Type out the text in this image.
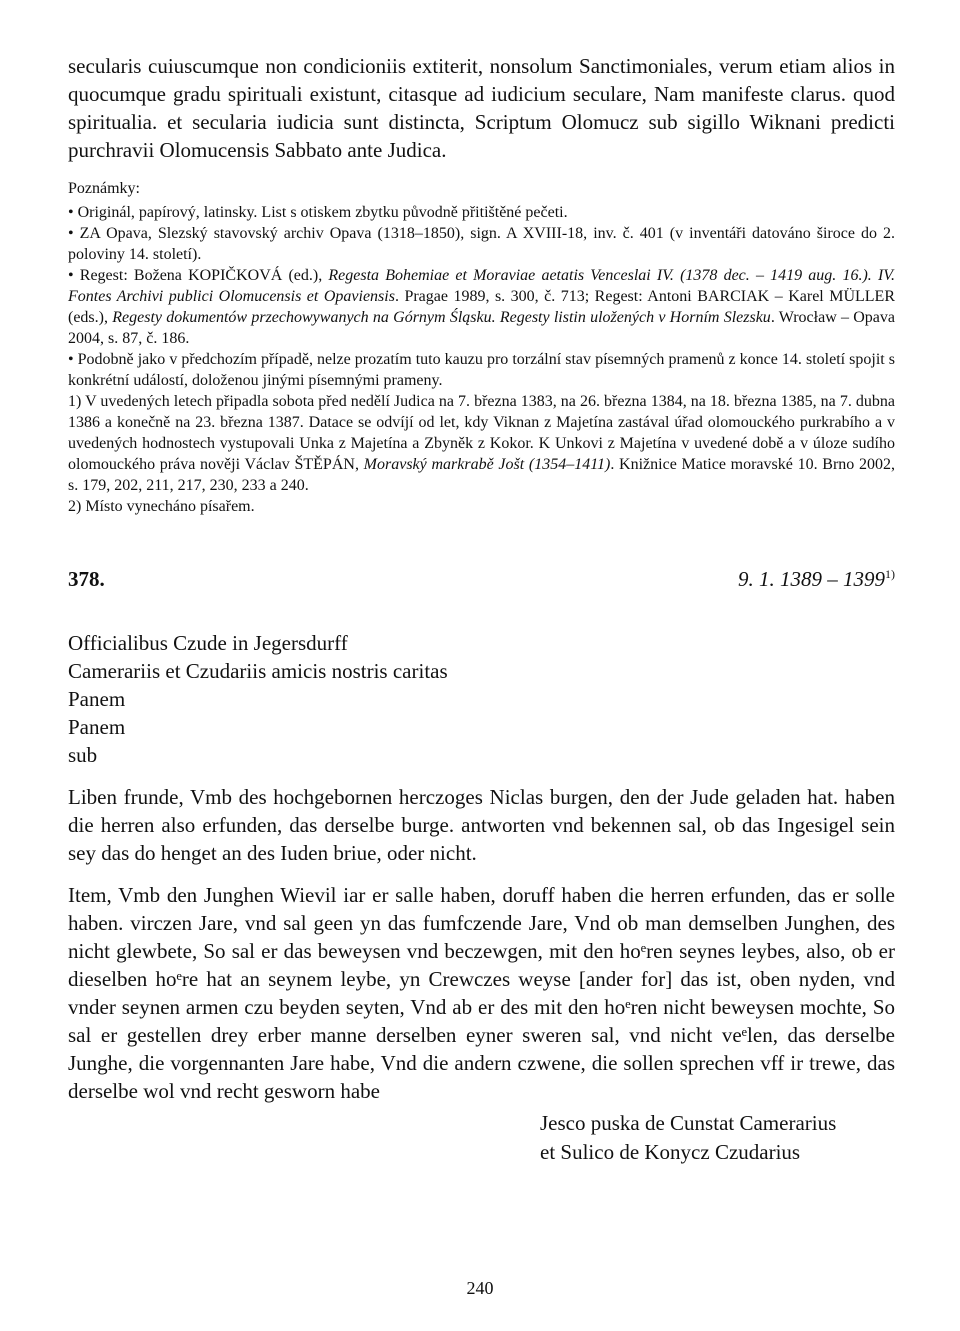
secularis cuiuscumque non condicioniis extiterit, nonsolum Sanctimoniales, verum etiam alios in quocumque gradu spirituali existunt, citasque ad iudicium seculare, Nam manifeste clarus. quod spiritualia. et secularia iudicia sunt distincta, Scriptum Olomucz sub sigillo Wiknani predicti purchravii Olomucensis Sabbato ante Judica.

Poznámky:

• Originál, papírový, latinsky. List s otiskem zbytku původně přitištěné pečeti.

• ZA Opava, Slezský stavovský archiv Opava (1318–1850), sign. A XVIII-18, inv. č. 401 (v inventáři datováno široce do 2. poloviny 14. století).

• Regest: Božena KOPIČKOVÁ (ed.), Regesta Bohemiae et Moraviae aetatis Venceslai IV. (1378 dec. – 1419 aug. 16.). IV. Fontes Archivi publici Olomucensis et Opaviensis. Pragae 1989, s. 300, č. 713; Regest: Antoni BARCIAK – Karel MÜLLER (eds.), Regesty dokumentów przechowywanych na Górnym Śląsku. Regesty listin uložených v Horním Slezsku. Wrocław – Opava 2004, s. 87, č. 186.

• Podobně jako v předchozím případě, nelze prozatím tuto kauzu pro torzální stav písemných pramenů z konce 14. století spojit s konkrétní událostí, doloženou jinými písemnými prameny.

1) V uvedených letech připadla sobota před nedělí Judica na 7. března 1383, na 26. března 1384, na 18. března 1385, na 7. dubna 1386 a konečně na 23. března 1387. Datace se odvíjí od let, kdy Viknan z Majetína zastával úřad olomouckého purkrabího a v uvedených hodnostech vystupovali Unka z Majetína a Zbyněk z Kokor. K Unkovi z Majetína v uvedené době a v úloze sudího olomouckého práva nověji Václav ŠTĚPÁN, Moravský markrabě Jošt (1354–1411). Knižnice Matice moravské 10. Brno 2002, s. 179, 202, 211, 217, 230, 233 a 240.

2) Místo vynecháno písařem.

378.	9. 1. 1389 – 1399$^{1)}$
Officialibus Czude in Jegersdurff
Camerariis et Czudariis amicis nostris caritas
Panem
Panem
sub

Liben frunde, Vmb des hochgebornen herczoges Niclas burgen, den der Jude geladen hat. haben die herren also erfunden, das derselbe burge. antworten vnd bekennen sal, ob das Ingesigel sein sey das do henget an des Iuden briue, oder nicht.

Item, Vmb den Junghen Wievil iar er salle haben, doruff haben die herren erfunden, das er solle haben. virczen Jare, vnd sal geen yn das fumfczende Jare, Vnd ob man demselben Junghen, des nicht glewbete, So sal er das beweysen vnd beczewgen, mit den hoᵉren seynes leybes, also, ob er dieselben hoᵉre hat an seynem leybe, yn Crewczes weyse [ander for] das ist, oben nyden, vnd vnder seynen armen czu beyden seyten, Vnd ab er des mit den hoᵉren nicht beweysen mochte, So sal er gestellen drey erber manne derselben eyner sweren sal, vnd nicht veᵉlen, das derselbe Junghe, die vorgennanten Jare habe, Vnd die andern czwene, die sollen sprechen vff ir trewe, das derselbe wol vnd recht gesworn habe

Jesco puska de Cunstat Camerarius
et Sulico de Konycz Czudarius
240
